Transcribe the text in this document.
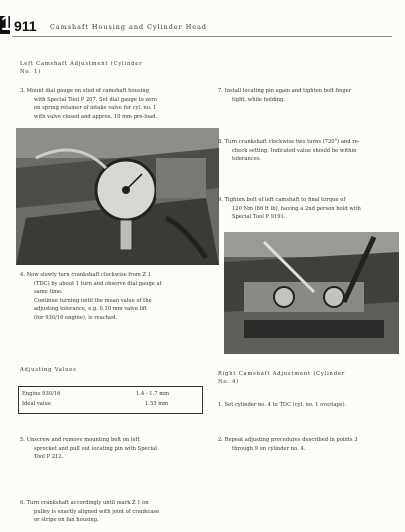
1 911 Camshaft Housing and Cylinder Head
Left Camshaft Adjustment (Cylinder
No. 1)
3. Mount dial gauge on stud of camshaft housing
with Special Tool P 207. Set dial gauge to zero
on spring retainer of intake valve for cyl. no. 1
with valve closed and approx. 10 mm pre-load.
4. Now slowly turn crankshaft clockwise from Z 1
(TDC) by about 1 turn and observe dial gauge at
same time.
Continue turning until the mean value of the
adjusting tolerance, e.g. 0.10 mm valve lift
(for 930/16 engine), is reached.
Adjusting Values
Engine 930/16	1.4 - 1.7 mm
Ideal value	1.55 mm
5. Unscrew and remove mounting bolt on left
sprocket and pull out locating pin with Special
Tool P 212.
6. Turn crankshaft accordingly until mark Z 1 on
pulley is exactly aligned with joint of crankcase
or stripe on fan housing.
7. Install locating pin again and tighten bolt finger
tight, while holding.
8. Turn crankshaft clockwise two turns (720°) and re-
check setting. Indicated value should be within
tolerances.
9. Tighten bolt of left camshaft to final torque of
120 Nm (86 ft lb), having a 2nd person hold with
Special Tool P 9191.
Right Camshaft Adjustment (Cylinder
No. 4)
1. Set cylinder no. 4 to TDC (cyl. no. 1 overlaps).
2. Repeat adjusting procedures described in points 3
through 9 on cylinder no. 4.
